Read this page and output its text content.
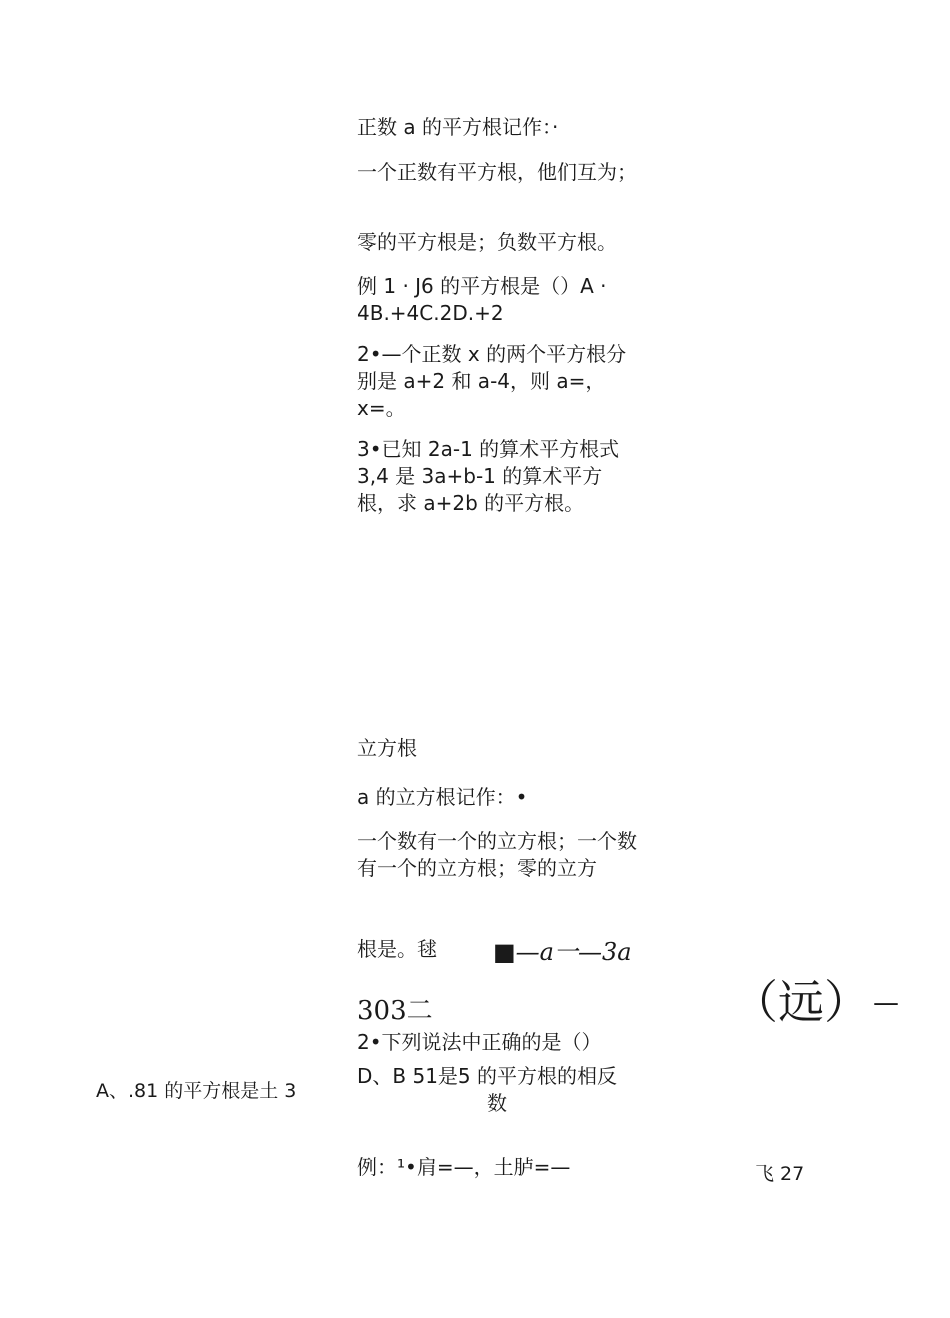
正数 a 的平方根记作：·

一个正数有平方根，他们互为；

零的平方根是；负数平方根。

例 1 · J6 的平方根是（）A · 4B.+4C.2D.+2

2•—个正数 x 的两个平方根分别是 a+2 和 a-4，则 a=，x=。

3•已知 2a-1 的算术平方根式 3,4 是 3a+b-1 的算术平方根，求 a+2b 的平方根。

立方根

a 的立方根记作：•

一个数有一个的立方根；一个数有一个的立方根；零的立方

根是。毬	■—a一—3a
303二

2•下列说法中正确的是（）

D、B 51是5 的平方根的相反
数
A、.81 的平方根是土 3
（远） —

例：¹•肩=—，土胪=—	飞 27
